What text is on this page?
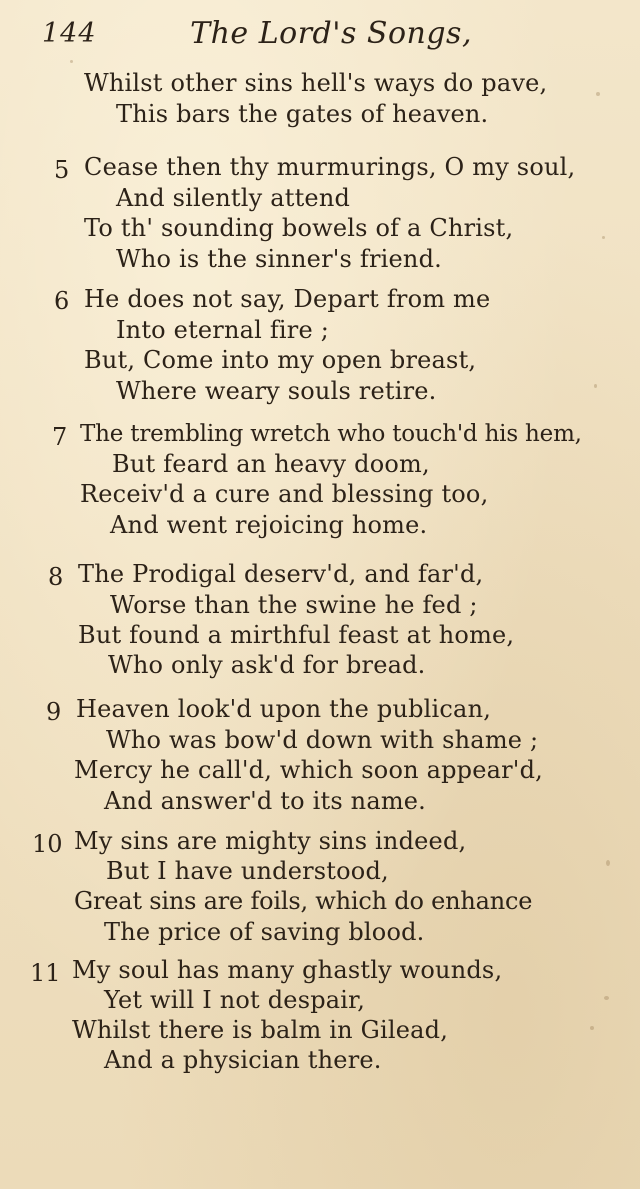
144	The Lord's Songs,
Whilst other sins hell's ways do pave,
This bars the gates of heaven.
5 Cease then thy murmurings, O my soul,
And silently attend
To th' sounding bowels of a Christ,
Who is the sinner's friend.
6 He does not say, Depart from me
Into eternal fire ;
But, Come into my open breast,
Where weary souls retire.
7 The trembling wretch who touch'd his hem,
But feard an heavy doom,
Receiv'd a cure and blessing too,
And went rejoicing home.
8 The Prodigal deserv'd, and far'd,
Worse than the swine he fed ;
But found a mirthful feast at home,
Who only ask'd for bread.
9 Heaven look'd upon the publican,
Who was bow'd down with shame ;
Mercy he call'd, which soon appear'd,
And answer'd to its name.
10 My sins are mighty sins indeed,
But I have understood,
Great sins are foils, which do enhance
The price of saving blood.
11 My soul has many ghastly wounds,
Yet will I not despair,
Whilst there is balm in Gilead,
And a physician there.
